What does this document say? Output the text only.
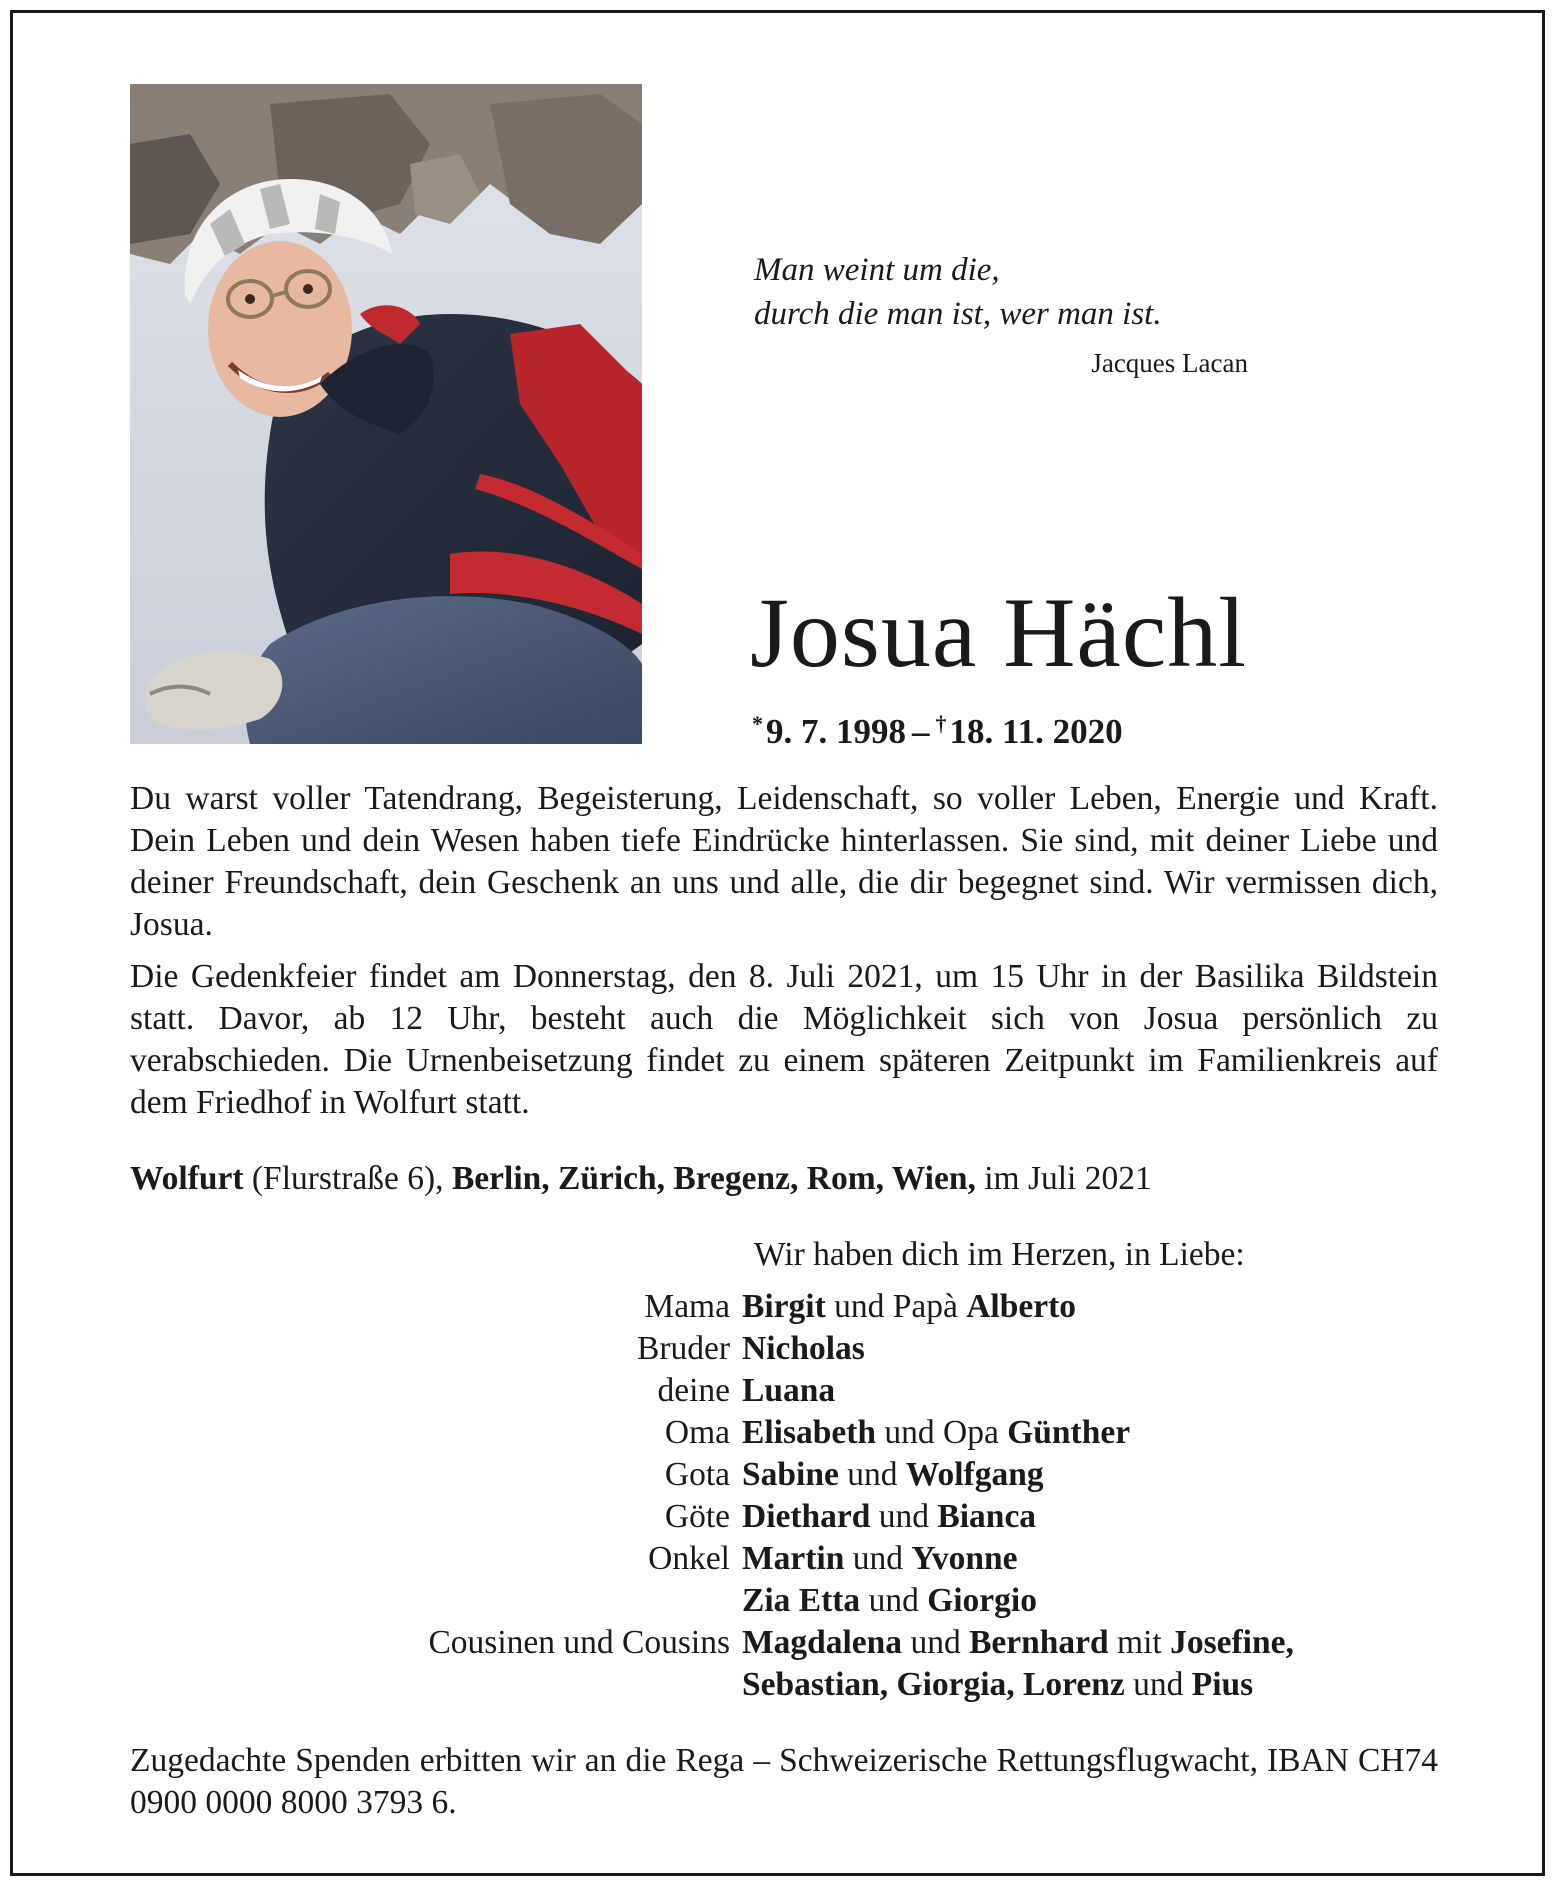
Man weint um die,
durch die man ist, wer man ist.
Jacques Lacan
Josua Hächl
*9. 7. 1998 – †18. 11. 2020
Du warst voller Tatendrang, Begeisterung, Leidenschaft, so voller Leben, Energie und Kraft. Dein Leben und dein Wesen haben tiefe Eindrücke hinterlassen. Sie sind, mit deiner Liebe und deiner Freundschaft, dein Geschenk an uns und alle, die dir begegnet sind. Wir vermissen dich, Josua.
Die Gedenkfeier findet am Donnerstag, den 8. Juli 2021, um 15 Uhr in der Basilika Bildstein statt. Davor, ab 12 Uhr, besteht auch die Möglichkeit sich von Josua persönlich zu verabschieden. Die Urnenbeisetzung findet zu einem späteren Zeitpunkt im Familienkreis auf dem Friedhof in Wolfurt statt.
Wolfurt (Flurstraße 6), Berlin, Zürich, Bregenz, Rom, Wien, im Juli 2021
Wir haben dich im Herzen, in Liebe:
Mama Birgit und Papà Alberto
Bruder Nicholas
deine Luana
Oma Elisabeth und Opa Günther
Gota Sabine und Wolfgang
Göte Diethard und Bianca
Onkel Martin und Yvonne
Zia Etta und Giorgio
Cousinen und Cousins Magdalena und Bernhard mit Josefine,
Sebastian, Giorgia, Lorenz und Pius
Zugedachte Spenden erbitten wir an die Rega – Schweizerische Rettungsflugwacht, IBAN CH74 0900 0000 8000 3793 6.
